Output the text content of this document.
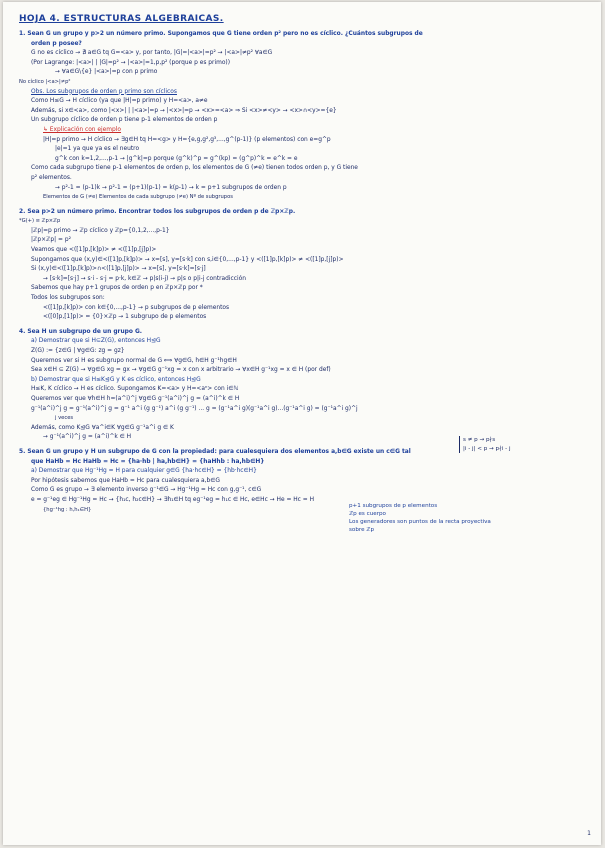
HOJA 4. ESTRUCTURAS ALGEBRAICAS.
1. Sean G un grupo y p>2 un número primo. Supongamos que G tiene orden p² pero no es cíclico. ¿Cuántos subgrupos de
orden p posee?
G no es cíclico → ∄ a∈G tq G=<a> y, por tanto, |G|=|<a>|=p² → |<a>|≠p² ∀a∈G
(Por Lagrange: |<a>| | |G|=p² → |<a>|=1,p,p² (porque p es primo))
→ ∀a∈G\{e} |<a>|=p con p primo
No cíclico |<a>|≠p²
Obs. Los subgrupos de orden p primo son cíclicos
Como H≤G → H cíclico (ya que |H|=p primo) y H=<a>, a≠e
Además, si x∈<a>, como |<x>| | |<a>|=p → |<x>|=p → <x>=<a> ⇒ Si <x>≠<y> → <x>∩<y>={e}
Un subgrupo cíclico de orden p tiene p-1 elementos de orden p
↳ Explicación con ejemplo
|H|=p primo → H cíclico → ∃g∈H tq H=<g> y H={e,g,g²,g³,...,g^(p-1)} (p elementos) con e=g^p
|e|=1 ya que ya es el neutro
g^k con k=1,2,...,p-1 → |g^k|=p porque (g^k)^p = g^(kp) = (g^p)^k = e^k = e
Como cada subgrupo tiene p-1 elementos de orden p, los elementos de G (≠e) tienen todos orden p, y G tiene
p² elementos.
→ p²-1 = (p-1)k → p²-1 = (p+1)(p-1) = k(p-1) → k = p+1 subgrupos de orden p
Elementos de G (≠e) Elementos de cada subgrupo (≠e) Nº de subgrupos
2. Sea p>2 un número primo. Encontrar todos los subgrupos de orden p de ℤp×ℤp.
*G(+) ≅ ℤp×ℤp
|ℤp|=p primo → ℤp cíclico y ℤp={0,1,2,...,p-1}
|ℤp×ℤp| = p²
Veamos que <([1]p,[k]p)> ≠ <([1]p,[j]p)>
Supongamos que (x,y)∈<([1]p,[k]p)> → x=[s], y=[s·k] con s,i∈{0,...,p-1} y <([1]p,[k]p)> ≠ <([1]p,[j]p)>
Si (x,y)∈<([1]p,[k]p)>∩<([1]p,[j]p)> → x=[s], y=[s·k]=[s·j]
→ [s·k]=[s·j] → s·i - s·j = p·k, k∈ℤ → p|s(i-j) → p|s o p|i-j contradicción
Sabemos que hay p+1 grupos de orden p en ℤp×ℤp por *
Todos los subgrupos son:
<([1]p,[k]p)> con k∈{0,...,p-1} → p subgrupos de p elementos
<([0]p,[1]p)> = {0}×ℤp → 1 subgrupo de p elementos
4. Sea H un subgrupo de un grupo G.
a) Demostrar que si H⊆Z(G), entonces H⊴G
Z(G) := {z∈G | ∀g∈G: zg = gz}
Queremos ver si H es subgrupo normal de G ⟺ ∀g∈G, h∈H g⁻¹hg∈H
Sea x∈H ⊆ Z(G) → ∀g∈G xg = gx → ∀g∈G g⁻¹xg = x con x arbitrario → ∀x∈H g⁻¹xg = x ∈ H (por def)
b) Demostrar que si H≤K⊴G y K es cíclico, entonces H⊴G
H≤K, K cíclico → H es cíclico. Supongamos K=<a> y H=<aⁿ> con i∈ℕ
Queremos ver que ∀h∈H h=(a^i)^j ∀g∈G g⁻¹(a^i)^j g = (a^i)^k ∈ H
g⁻¹(a^i)^j g = g⁻¹(a^i)^j g = g⁻¹ a^i (g g⁻¹) a^i (g g⁻¹) ... g = (g⁻¹a^i g)(g⁻¹a^i g)...(g⁻¹a^i g) = (g⁻¹a^i g)^j
j veces
Además, como K⊴G ∀a^i∈K ∀g∈G g⁻¹a^i g ∈ K
→ g⁻¹(a^i)^j g = (a^i)^k ∈ H
5. Sean G un grupo y H un subgrupo de G con la propiedad: para cualesquiera dos elementos a,b∈G existe un c∈G tal
que HaHb = Hc HaHb = Hc = {ha·hb | ha,hb∈H} = {haHhb : ha,hb∈H}
a) Demostrar que Hg⁻¹Hg = H para cualquier g∈G {ha·hc∈H} = {hb·hc∈H}
Por hipótesis sabemos que HaHb = Hc para cualesquiera a,b∈G
Como G es grupo → ∃ elemento inverso g⁻¹∈G → Hg⁻¹Hg = Hc con g,g⁻¹, c∈G
e = g⁻¹eg ∈ Hg⁻¹Hg = Hc → {h₁c, h₂c∈H} → ∃h₁∈H tq eg⁻¹eg = h₁c ∈ Hc, e∈Hc → He = Hc = H
{hg⁻¹hg : h,h₁∈H}
s ≠ p → p∤s
|i - j| < p → p∤i - j
p+1 subgrupos de p elementos
ℤp es cuerpo
Los generadores son puntos de la recta proyectiva
sobre ℤp
1
